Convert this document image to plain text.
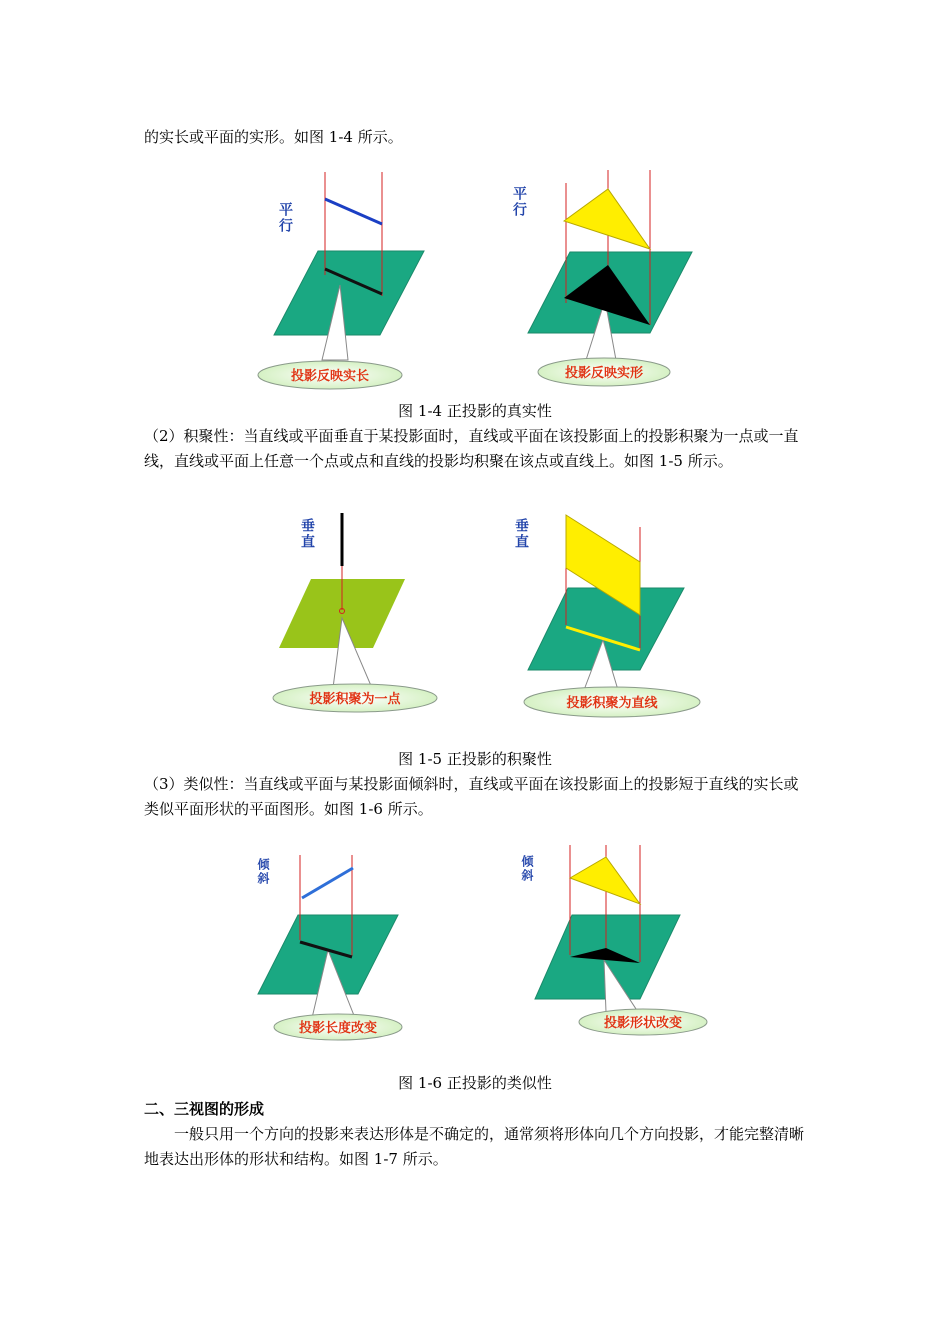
的实长或平面的实形。如图 1-4 所示。

平行
投影反映实长
平行
投影反映实形

图 1-4 正投影的真实性

（2）积聚性：当直线或平面垂直于某投影面时，直线或平面在该投影面上的投影积聚为一点或一直线，直线或平面上任意一个点或点和直线的投影均积聚在该点或直线上。如图 1-5 所示。

垂直
投影积聚为一点
垂直
投影积聚为直线

图 1-5 正投影的积聚性

（3）类似性：当直线或平面与某投影面倾斜时，直线或平面在该投影面上的投影短于直线的实长或类似平面形状的平面图形。如图 1-6 所示。

倾斜
投影长度改变
倾斜
投影形状改变

图 1-6 正投影的类似性

二、三视图的形成

一般只用一个方向的投影来表达形体是不确定的，通常须将形体向几个方向投影，才能完整清晰地表达出形体的形状和结构。如图 1-7 所示。
